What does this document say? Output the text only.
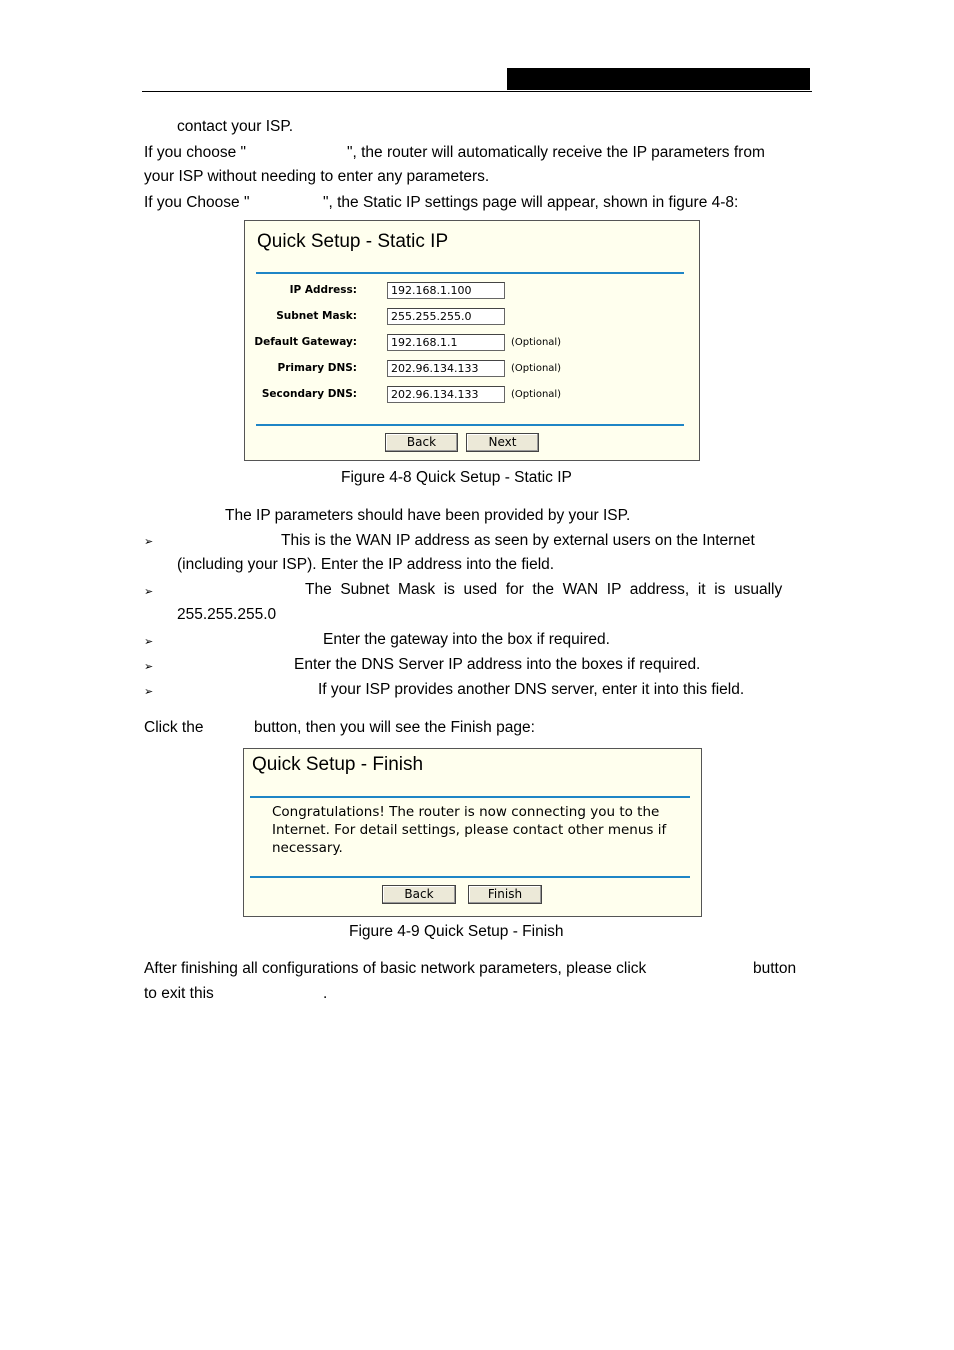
contact your ISP.
If you choose "	", the router will automatically receive the IP parameters from
your ISP without needing to enter any parameters.
If you Choose "	", the Static IP settings page will appear, shown in figure 4-8:
Quick Setup - Static IP
IP Address:	192.168.1.100
Subnet Mask:	255.255.255.0
Default Gateway:	192.168.1.1	(Optional)
Primary DNS:	202.96.134.133	(Optional)
Secondary DNS:	202.96.134.133	(Optional)
Back	Next
Figure 4-8 Quick Setup - Static IP
The IP parameters should have been provided by your ISP.
➢	This is the WAN IP address as seen by external users on the Internet
(including your ISP). Enter the IP address into the field.
➢	The  Subnet  Mask  is  used  for  the  WAN  IP  address,  it  is  usually
255.255.255.0
➢	Enter the gateway into the box if required.
➢	Enter the DNS Server IP address into the boxes if required.
➢	If your ISP provides another DNS server, enter it into this field.
Click the	button, then you will see the Finish page:
Quick Setup - Finish
Congratulations! The router is now connecting you to the
Internet. For detail settings, please contact other menus if
necessary.
Back	Finish
Figure 4-9 Quick Setup - Finish
After finishing all configurations of basic network parameters, please click	button
to exit this	.
